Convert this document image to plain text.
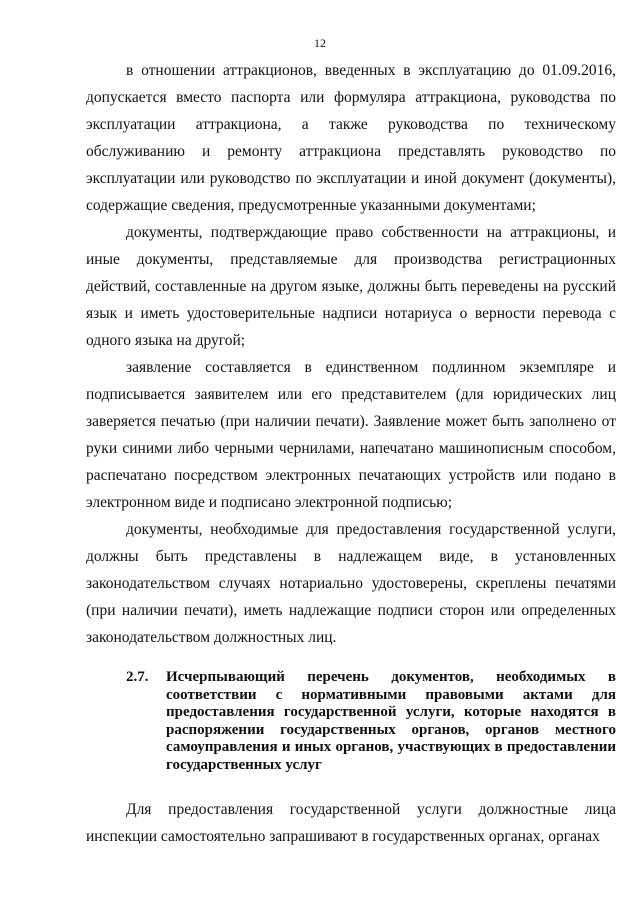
12

в отношении аттракционов, введенных в эксплуатацию до 01.09.2016, допускается вместо паспорта или формуляра аттракциона, руководства по эксплуатации аттракциона, а также руководства по техническому обслуживанию и ремонту аттракциона представлять руководство по эксплуатации или руководство по эксплуатации и иной документ (документы), содержащие сведения, предусмотренные указанными документами;

документы, подтверждающие право собственности на аттракционы, и иные документы, представляемые для производства регистрационных действий, составленные на другом языке, должны быть переведены на русский язык и иметь удостоверительные надписи нотариуса о верности перевода с одного языка на другой;

заявление составляется в единственном подлинном экземпляре и подписывается заявителем или его представителем (для юридических лиц заверяется печатью (при наличии печати). Заявление может быть заполнено от руки синими либо черными чернилами, напечатано машинописным способом, распечатано посредством электронных печатающих устройств или подано в электронном виде и подписано электронной подписью;

документы, необходимые для предоставления государственной услуги, должны быть представлены в надлежащем виде, в установленных законодательством случаях нотариально удостоверены, скреплены печатями (при наличии печати), иметь надлежащие подписи сторон или определенных законодательством должностных лиц.

2.7.	Исчерпывающий перечень документов, необходимых в соответствии с нормативными правовыми актами для предоставления государственной услуги, которые находятся в распоряжении государственных органов, органов местного самоуправления и иных органов, участвующих в предоставлении государственных услуг

Для предоставления государственной услуги должностные лица инспекции самостоятельно запрашивают в государственных органах, органах
